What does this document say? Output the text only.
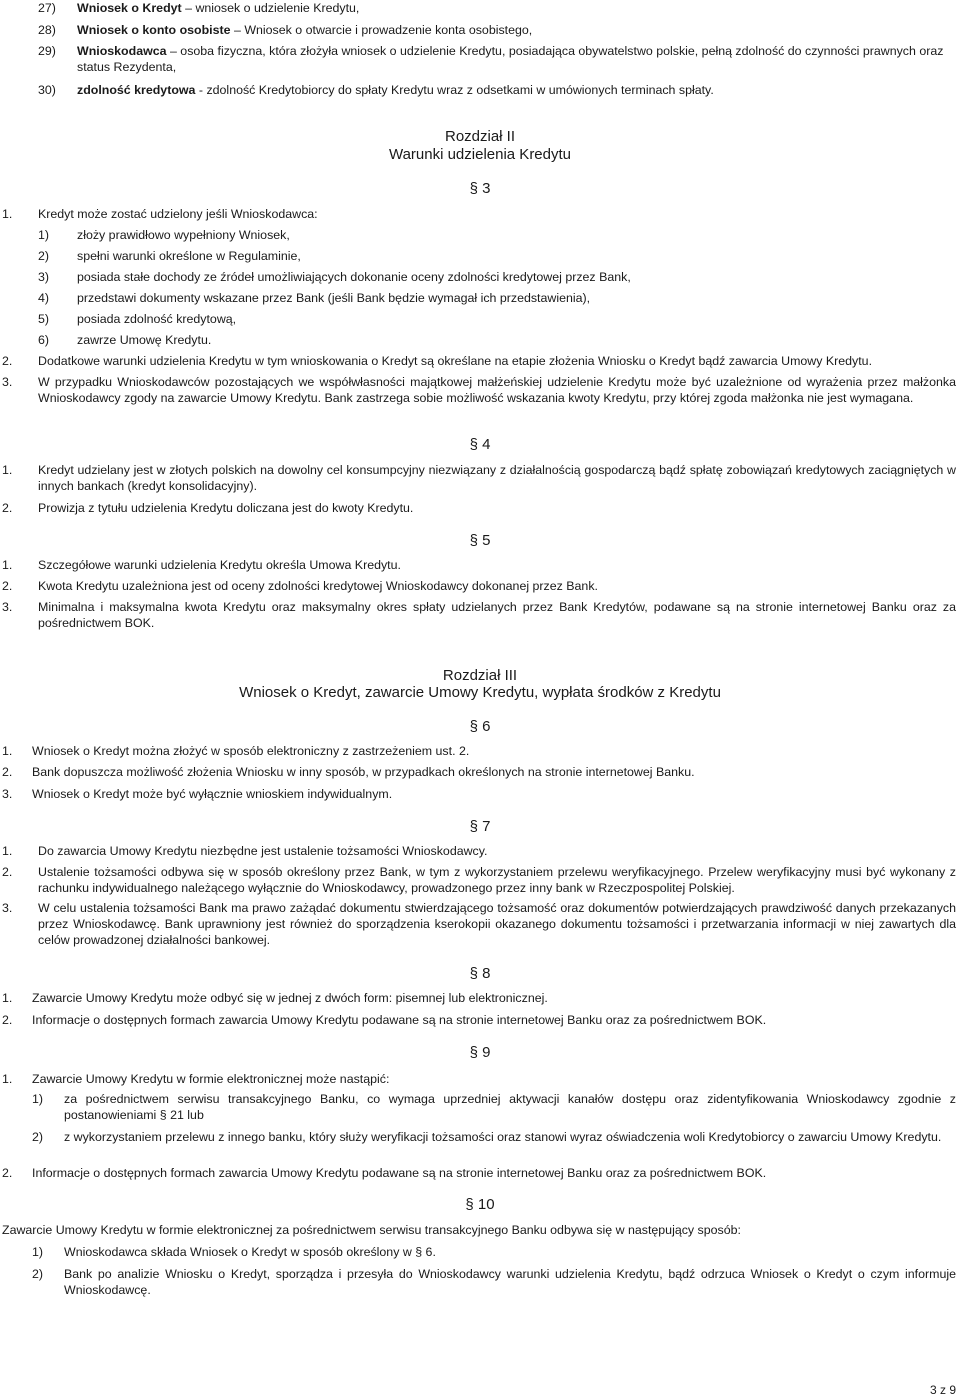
27) Wniosek o Kredyt – wniosek o udzielenie Kredytu,
28) Wniosek o konto osobiste – Wniosek o otwarcie i prowadzenie konta osobistego,
29) Wnioskodawca – osoba fizyczna, która złożyła wniosek o udzielenie Kredytu, posiadająca obywatelstwo polskie, pełną zdolność do czynności prawnych oraz status Rezydenta,
30) zdolność kredytowa - zdolność Kredytobiorcy do spłaty Kredytu wraz z odsetkami w umówionych terminach spłaty.
Rozdział II
Warunki udzielenia Kredytu
§ 3
1. Kredyt może zostać udzielony jeśli Wnioskodawca:
1) złoży prawidłowo wypełniony Wniosek,
2) spełni warunki określone w Regulaminie,
3) posiada stałe dochody ze źródeł umożliwiających dokonanie oceny zdolności kredytowej przez Bank,
4) przedstawi dokumenty wskazane przez Bank (jeśli Bank będzie wymagał ich przedstawienia),
5) posiada zdolność kredytową,
6) zawrze Umowę Kredytu.
2. Dodatkowe warunki udzielenia Kredytu w tym wnioskowania o Kredyt są określane na etapie złożenia Wniosku o Kredyt bądź zawarcia Umowy Kredytu.
3. W przypadku Wnioskodawców pozostających we współwłasności majątkowej małżeńskiej udzielenie Kredytu może być uzależnione od wyrażenia przez małżonka Wnioskodawcy zgody na zawarcie Umowy Kredytu. Bank zastrzega sobie możliwość wskazania kwoty Kredytu, przy której zgoda małżonka nie jest wymagana.
§ 4
1. Kredyt udzielany jest w złotych polskich na dowolny cel konsumpcyjny niezwiązany z działalnością gospodarczą bądź spłatę zobowiązań kredytowych zaciągniętych w innych bankach (kredyt konsolidacyjny).
2. Prowizja z tytułu udzielenia Kredytu doliczana jest do kwoty Kredytu.
§ 5
1. Szczegółowe warunki udzielenia Kredytu określa Umowa Kredytu.
2. Kwota Kredytu uzależniona jest od oceny zdolności kredytowej Wnioskodawcy dokonanej przez Bank.
3. Minimalna i maksymalna kwota Kredytu oraz maksymalny okres spłaty udzielanych przez Bank Kredytów, podawane są na stronie internetowej Banku oraz za pośrednictwem BOK.
Rozdział III
Wniosek o Kredyt, zawarcie Umowy Kredytu, wypłata środków z Kredytu
§ 6
1. Wniosek o Kredyt można złożyć w sposób elektroniczny z zastrzeżeniem ust. 2.
2. Bank dopuszcza możliwość złożenia Wniosku w inny sposób, w przypadkach określonych na stronie internetowej Banku.
3. Wniosek o Kredyt może być wyłącznie wnioskiem indywidualnym.
§ 7
1. Do zawarcia Umowy Kredytu niezbędne jest ustalenie tożsamości Wnioskodawcy.
2. Ustalenie tożsamości odbywa się w sposób określony przez Bank, w tym z wykorzystaniem przelewu weryfikacyjnego. Przelew weryfikacyjny musi być wykonany z rachunku indywidualnego należącego wyłącznie do Wnioskodawcy, prowadzonego przez inny bank w Rzeczpospolitej Polskiej.
3. W celu ustalenia tożsamości Bank ma prawo zażądać dokumentu stwierdzającego tożsamość oraz dokumentów potwierdzających prawdziwość danych przekazanych przez Wnioskodawcę. Bank uprawniony jest również do sporządzenia kserokopii okazanego dokumentu tożsamości i przetwarzania informacji w niej zawartych dla celów prowadzonej działalności bankowej.
§ 8
1. Zawarcie Umowy Kredytu może odbyć się w jednej z dwóch form: pisemnej lub elektronicznej.
2. Informacje o dostępnych formach zawarcia Umowy Kredytu podawane są na stronie internetowej Banku oraz za pośrednictwem BOK.
§ 9
1. Zawarcie Umowy Kredytu w formie elektronicznej może nastąpić:
1) za pośrednictwem serwisu transakcyjnego Banku, co wymaga uprzedniej aktywacji kanałów dostępu oraz zidentyfikowania Wnioskodawcy zgodnie z postanowieniami § 21 lub
2) z wykorzystaniem przelewu z innego banku, który służy weryfikacji tożsamości oraz stanowi wyraz oświadczenia woli Kredytobiorcy o zawarciu Umowy Kredytu.
2. Informacje o dostępnych formach zawarcia Umowy Kredytu podawane są na stronie internetowej Banku oraz za pośrednictwem BOK.
§ 10
Zawarcie Umowy Kredytu w formie elektronicznej za pośrednictwem serwisu transakcyjnego Banku odbywa się w następujący sposób:
1) Wnioskodawca składa Wniosek o Kredyt w sposób określony w § 6.
2) Bank po analizie Wniosku o Kredyt, sporządza i przesyła do Wnioskodawcy warunki udzielenia Kredytu, bądź odrzuca Wniosek o Kredyt o czym informuje Wnioskodawcę.
3 z 9
